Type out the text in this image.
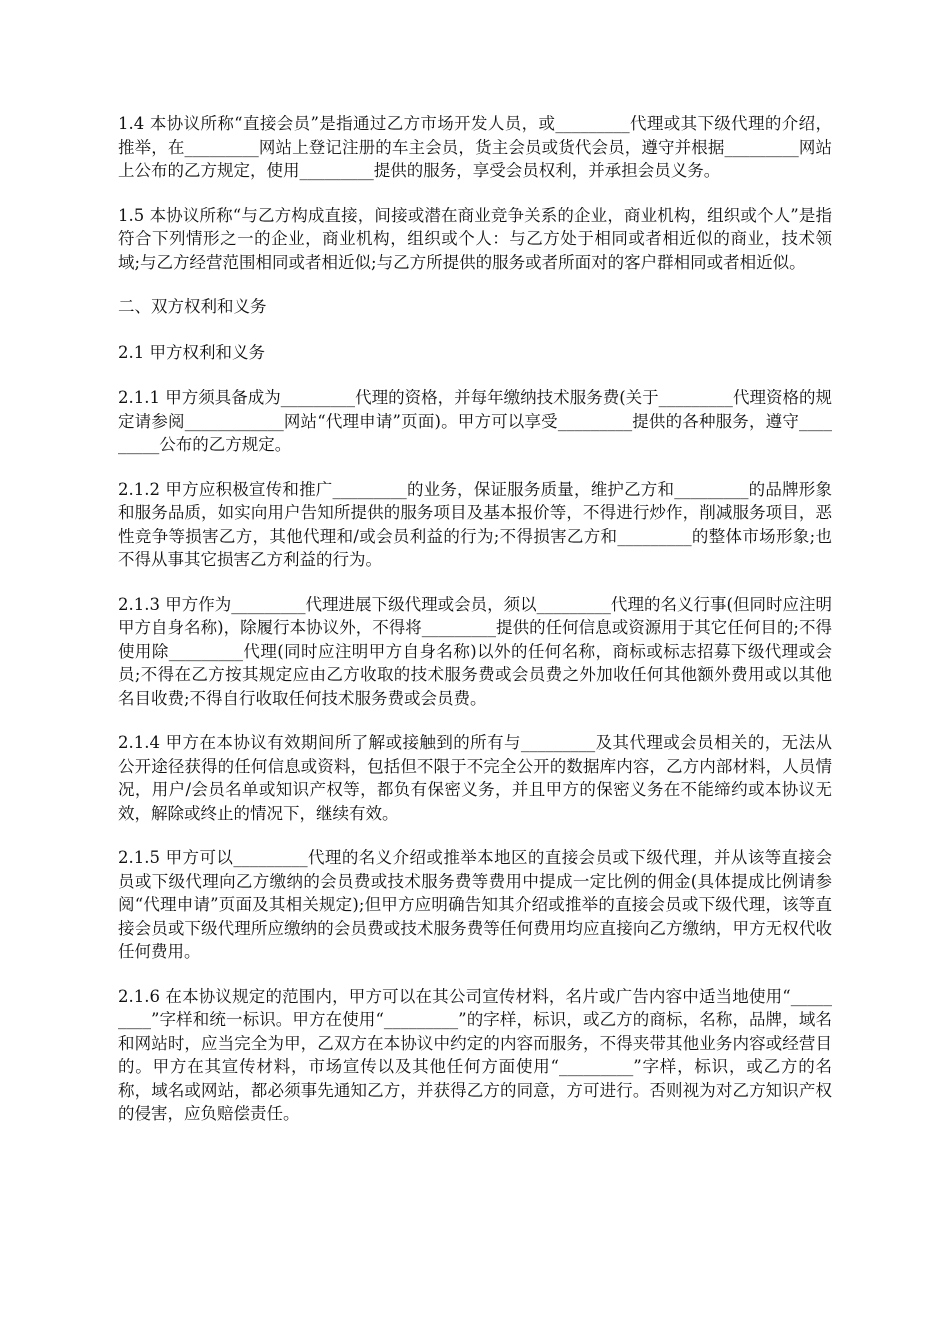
1.4 本协议所称“直接会员”是指通过乙方市场开发人员，或_________代理或其下级代理的介绍，推举，在_________网站上登记注册的车主会员，货主会员或货代会员，遵守并根据_________网站上公布的乙方规定，使用_________提供的服务，享受会员权利，并承担会员义务。

1.5 本协议所称“与乙方构成直接，间接或潜在商业竞争关系的企业，商业机构，组织或个人”是指符合下列情形之一的企业，商业机构，组织或个人：与乙方处于相同或者相近似的商业，技术领域;与乙方经营范围相同或者相近似;与乙方所提供的服务或者所面对的客户群相同或者相近似。

二、双方权利和义务

2.1 甲方权利和义务

2.1.1 甲方须具备成为_________代理的资格，并每年缴纳技术服务费(关于_________代理资格的规定请参阅____________网站“代理申请”页面)。甲方可以享受_________提供的各种服务，遵守_________公布的乙方规定。

2.1.2 甲方应积极宣传和推广_________的业务，保证服务质量，维护乙方和_________的品牌形象和服务品质，如实向用户告知所提供的服务项目及基本报价等，不得进行炒作，削减服务项目，恶性竞争等损害乙方，其他代理和/或会员利益的行为;不得损害乙方和_________的整体市场形象;也不得从事其它损害乙方利益的行为。

2.1.3 甲方作为_________代理进展下级代理或会员，须以_________代理的名义行事(但同时应注明甲方自身名称)，除履行本协议外，不得将_________提供的任何信息或资源用于其它任何目的;不得使用除_________代理(同时应注明甲方自身名称)以外的任何名称，商标或标志招募下级代理或会员;不得在乙方按其规定应由乙方收取的技术服务费或会员费之外加收任何其他额外费用或以其他名目收费;不得自行收取任何技术服务费或会员费。

2.1.4 甲方在本协议有效期间所了解或接触到的所有与_________及其代理或会员相关的，无法从公开途径获得的任何信息或资料，包括但不限于不完全公开的数据库内容，乙方内部材料，人员情况，用户/会员名单或知识产权等，都负有保密义务，并且甲方的保密义务在不能缔约或本协议无效，解除或终止的情况下，继续有效。

2.1.5 甲方可以_________代理的名义介绍或推举本地区的直接会员或下级代理，并从该等直接会员或下级代理向乙方缴纳的会员费或技术服务费等费用中提成一定比例的佣金(具体提成比例请参阅“代理申请”页面及其相关规定);但甲方应明确告知其介绍或推举的直接会员或下级代理，该等直接会员或下级代理所应缴纳的会员费或技术服务费等任何费用均应直接向乙方缴纳，甲方无权代收任何费用。

2.1.6 在本协议规定的范围内，甲方可以在其公司宣传材料，名片或广告内容中适当地使用“_________”字样和统一标识。甲方在使用“_________”的字样，标识，或乙方的商标，名称，品牌，域名和网站时，应当完全为甲，乙双方在本协议中约定的内容而服务，不得夹带其他业务内容或经营目的。甲方在其宣传材料，市场宣传以及其他任何方面使用“_________”字样，标识，或乙方的名称，域名或网站，都必须事先通知乙方，并获得乙方的同意，方可进行。否则视为对乙方知识产权的侵害，应负赔偿责任。
